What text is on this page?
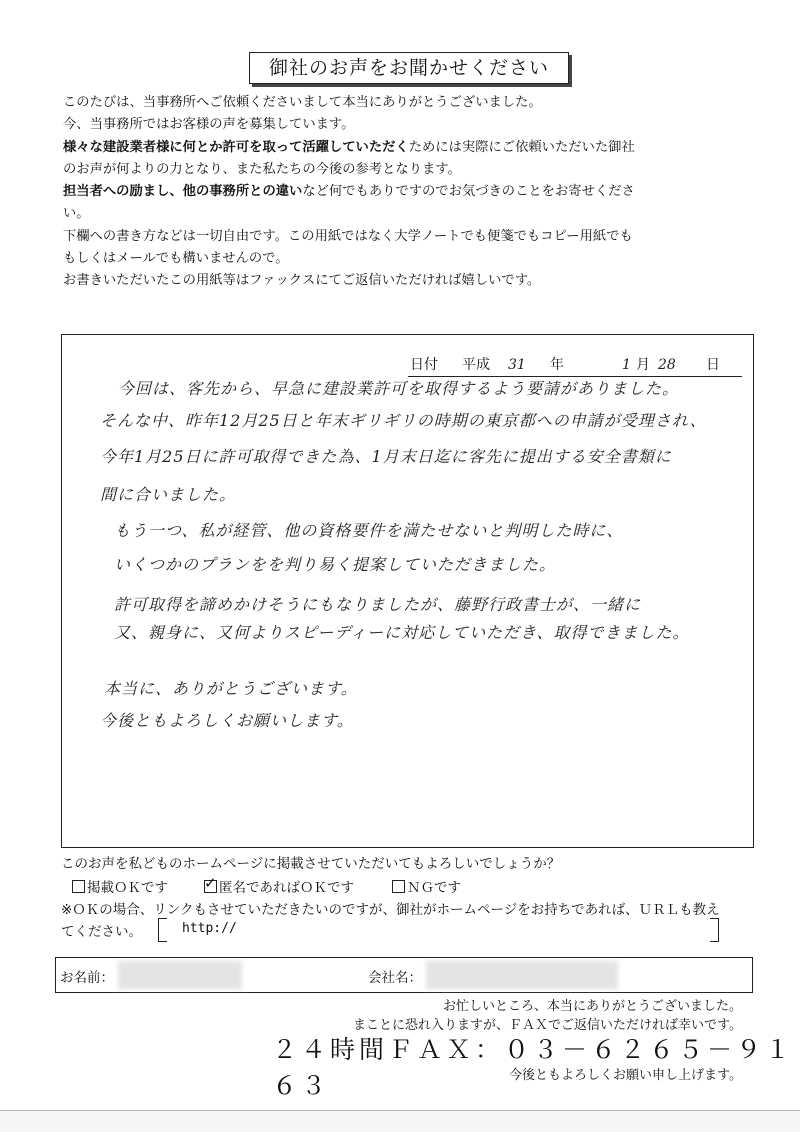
御社のお声をお聞かせください

このたびは、当事務所へご依頼くださいまして本当にありがとうございました。

今、当事務所ではお客様の声を募集しています。

様々な建設業者様に何とか許可を取って活躍していただくためには実際にご依頼いただいた御社

のお声が何よりの力となり、また私たちの今後の参考となります。

担当者への励まし、他の事務所との違いなど何でもありですのでお気づきのことをお寄せくださ

い。

下欄への書き方などは一切自由です。この用紙ではなく大学ノートでも便箋でもコピー用紙でも

もしくはメールでも構いませんので。

お書きいただいたこの用紙等はファックスにてご返信いただければ嬉しいです。

日付 平成 31 年	1 月 28 日
今回は、客先から、早急に建設業許可を取得するよう要請がありました。
そんな中、昨年12月25日と年末ギリギリの時期の東京都への申請が受理され、
今年1月25日に許可取得できた為、1月末日迄に客先に提出する安全書類に
間に合いました。
もう一つ、私が経管、他の資格要件を満たせないと判明した時に、
いくつかのプランをを判り易く提案していただきました。
許可取得を諦めかけそうにもなりましたが、藤野行政書士が、一緒に
又、親身に、又何よりスピーディーに対応していただき、取得できました。
本当に、ありがとうございます。
今後ともよろしくお願いします。
このお声を私どものホームページに掲載させていただいてもよろしいでしょうか？
掲載ＯＫです ✓ 匿名であればＯＫです	ＮＧです
※ＯＫの場合、リンクもさせていただきたいのですが、御社がホームページをお持ちであれば、ＵＲＬも教え
てください。	http://
お名前：	会社名：
お忙しいところ、本当にありがとうございました。
まことに恐れ入りますが、ＦＡＸでご返信いただければ幸いです。
２４時間ＦＡＸ：０３－６２６５－９１６３	今後ともよろしくお願い申し上げます。
